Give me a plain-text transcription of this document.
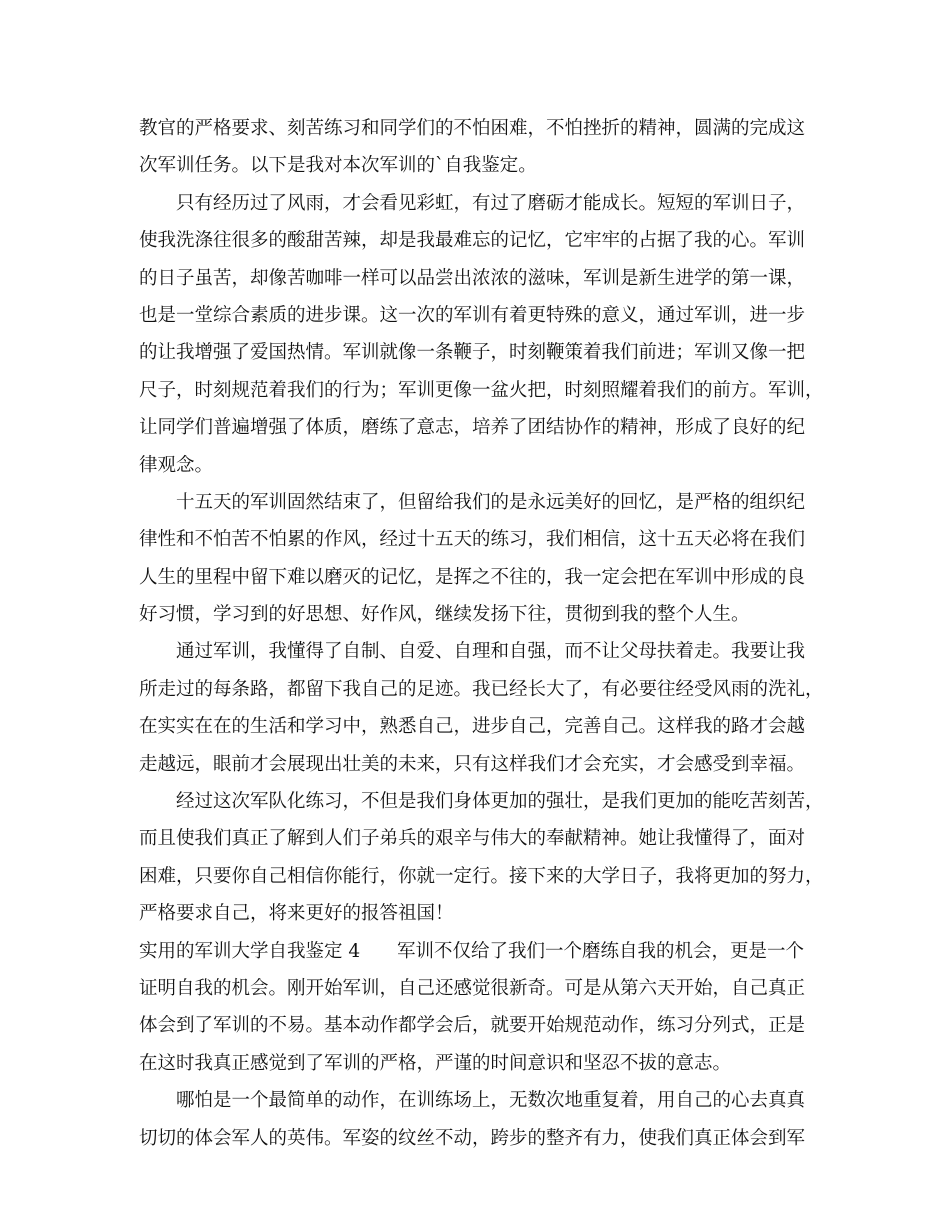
教官的严格要求、刻苦练习和同学们的不怕困难，不怕挫折的精神，圆满的完成这
次军训任务。以下是我对本次军训的`自我鉴定。
只有经历过了风雨，才会看见彩虹，有过了磨砺才能成长。短短的军训日子，
使我洗涤往很多的酸甜苦辣，却是我最难忘的记忆，它牢牢的占据了我的心。军训
的日子虽苦，却像苦咖啡一样可以品尝出浓浓的滋味，军训是新生进学的第一课，
也是一堂综合素质的进步课。这一次的军训有着更特殊的意义，通过军训，进一步
的让我增强了爱国热情。军训就像一条鞭子，时刻鞭策着我们前进；军训又像一把
尺子，时刻规范着我们的行为；军训更像一盆火把，时刻照耀着我们的前方。军训，
让同学们普遍增强了体质，磨练了意志，培养了团结协作的精神，形成了良好的纪
律观念。
十五天的军训固然结束了，但留给我们的是永远美好的回忆，是严格的组织纪
律性和不怕苦不怕累的作风，经过十五天的练习，我们相信，这十五天必将在我们
人生的里程中留下难以磨灭的记忆，是挥之不往的，我一定会把在军训中形成的良
好习惯，学习到的好思想、好作风，继续发扬下往，贯彻到我的整个人生。
通过军训，我懂得了自制、自爱、自理和自强，而不让父母扶着走。我要让我
所走过的每条路，都留下我自己的足迹。我已经长大了，有必要往经受风雨的洗礼，
在实实在在的生活和学习中，熟悉自己，进步自己，完善自己。这样我的路才会越
走越远，眼前才会展现出壮美的未来，只有这样我们才会充实，才会感受到幸福。
经过这次军队化练习，不但是我们身体更加的强壮，是我们更加的能吃苦刻苦，
而且使我们真正了解到人们子弟兵的艰辛与伟大的奉献精神。她让我懂得了，面对
困难，只要你自己相信你能行，你就一定行。接下来的大学日子，我将更加的努力，
严格要求自己，将来更好的报答祖国！
实用的军训大学自我鉴定 4 军训不仅给了我们一个磨练自我的机会，更是一个
证明自我的机会。刚开始军训，自己还感觉很新奇。可是从第六天开始，自己真正
体会到了军训的不易。基本动作都学会后，就要开始规范动作，练习分列式，正是
在这时我真正感觉到了军训的严格，严谨的时间意识和坚忍不拔的意志。
哪怕是一个最简单的动作，在训练场上，无数次地重复着，用自己的心去真真
切切的体会军人的英伟。军姿的纹丝不动，跨步的整齐有力，使我们真正体会到军
